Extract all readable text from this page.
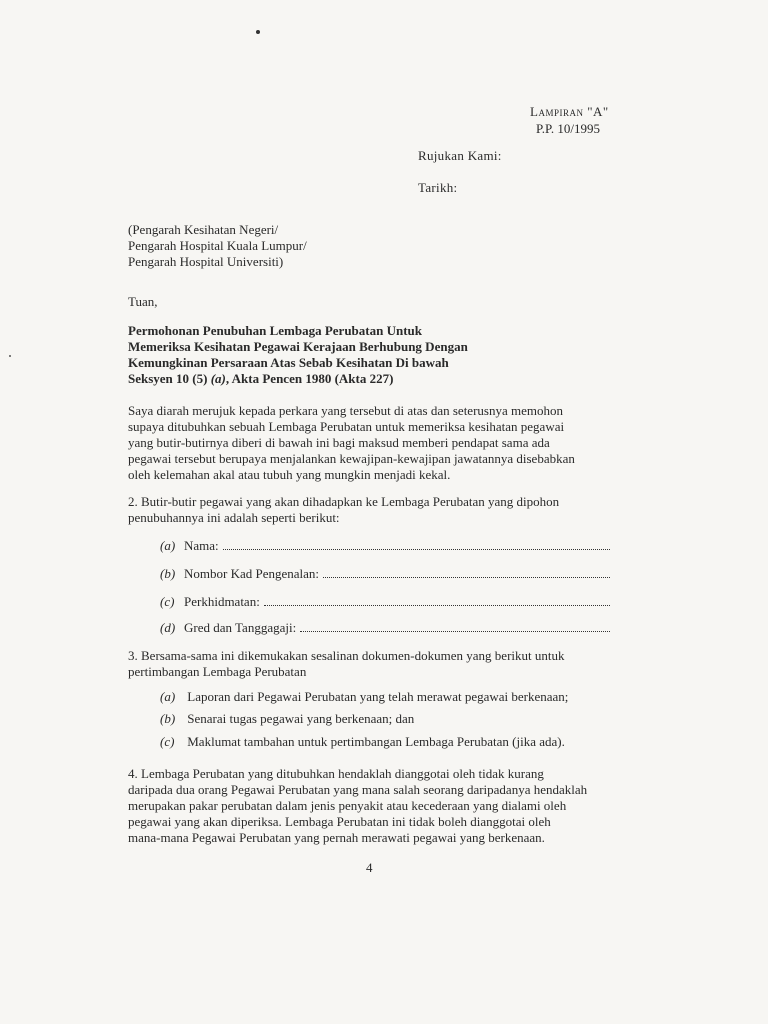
Lampiran "A"
P.P. 10/1995
Rujukan Kami:
Tarikh:
(Pengarah Kesihatan Negeri/
Pengarah Hospital Kuala Lumpur/
Pengarah Hospital Universiti)
Tuan,
Permohonan Penubuhan Lembaga Perubatan Untuk
Memeriksa Kesihatan Pegawai Kerajaan Berhubung Dengan
Kemungkinan Persaraan Atas Sebab Kesihatan Di bawah
Seksyen 10 (5) (a), Akta Pencen 1980 (Akta 227)
Saya diarah merujuk kepada perkara yang tersebut di atas dan seterusnya memohon
supaya ditubuhkan sebuah Lembaga Perubatan untuk memeriksa kesihatan pegawai
yang butir-butirnya diberi di bawah ini bagi maksud memberi pendapat sama ada
pegawai tersebut berupaya menjalankan kewajipan-kewajipan jawatannya disebabkan
oleh kelemahan akal atau tubuh yang mungkin menjadi kekal.
2. Butir-butir pegawai yang akan dihadapkan ke Lembaga Perubatan yang dipohon
penubuhannya ini adalah seperti berikut:
(a) Nama:
(b) Nombor Kad Pengenalan:
(c) Perkhidmatan:
(d) Gred dan Tanggagaji:
3. Bersama-sama ini dikemukakan sesalinan dokumen-dokumen yang berikut untuk
pertimbangan Lembaga Perubatan
(a) Laporan dari Pegawai Perubatan yang telah merawat pegawai berkenaan;
(b) Senarai tugas pegawai yang berkenaan; dan
(c) Maklumat tambahan untuk pertimbangan Lembaga Perubatan (jika ada).
4. Lembaga Perubatan yang ditubuhkan hendaklah dianggotai oleh tidak kurang
daripada dua orang Pegawai Perubatan yang mana salah seorang daripadanya hendaklah
merupakan pakar perubatan dalam jenis penyakit atau kecederaan yang dialami oleh
pegawai yang akan diperiksa. Lembaga Perubatan ini tidak boleh dianggotai oleh
mana-mana Pegawai Perubatan yang pernah merawati pegawai yang berkenaan.
4
